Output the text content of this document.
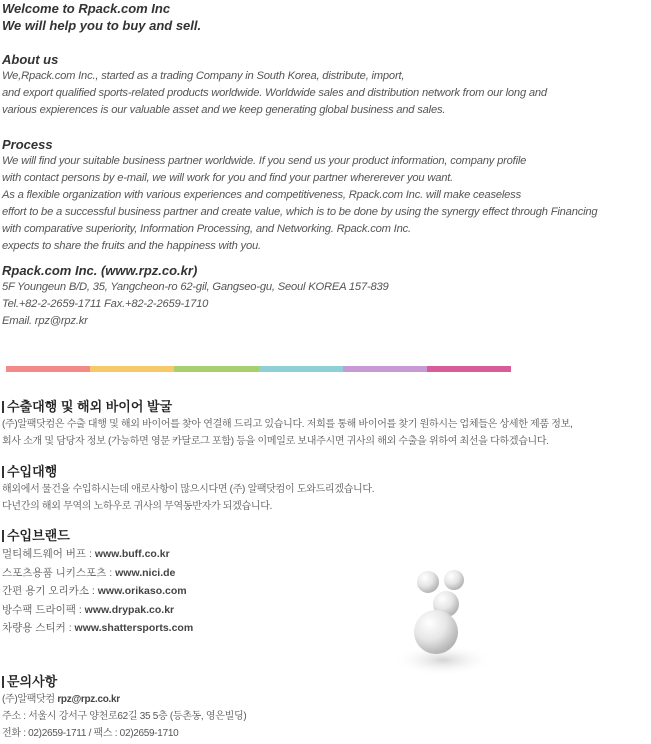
Welcome to Rpack.com Inc

We will help you to buy and sell.

About us

We,Rpack.com Inc., started as a trading Company in South Korea, distribute, import,

and export qualified sports-related products worldwide. Worldwide sales and distribution network from our long and

various expierences is our valuable asset and we keep generating global business and sales.

Process

We will find your suitable business partner worldwide. If you send us your product information, company profile

with contact persons by e-mail, we will work for you and find your partner whererever you want.

As a flexible organization with various experiences and competitiveness, Rpack.com Inc. will make ceaseless

effort to be a successful business partner and create value, which is to be done by using the synergy effect through Financing

with comparative superiority, Information Processing, and Networking. Rpack.com Inc.

expects to share the fruits and the happiness with you.

Rpack.com Inc. (www.rpz.co.kr)

5F Youngeun B/D, 35, Yangcheon-ro 62-gil, Gangseo-gu, Seoul KOREA 157-839

Tel.+82-2-2659-1711 Fax.+82-2-2659-1710

Email. rpz@rpz.kr

수출대행 및 해외 바이어 발굴

(주)알팩닷컴은 수출 대행 및 해외 바이어를 찾아 연결해 드리고 있습니다. 저희를 통해 바이어를 찾기 원하시는 업체들은 상세한 제품 정보,

회사 소개 및 담당자 정보 (가능하면 영문 카달로그 포함) 등을 이메일로 보내주시면 귀사의 해외 수출을 위하여 최선을 다하겠습니다.

수입대행

해외에서 물건을 수입하시는데 애로사항이 많으시다면 (주) 알팩닷컴이 도와드리겠습니다.

다년간의 해외 무역의 노하우로 귀사의 무역동반자가 되겠습니다.

수입브랜드

멀티헤드웨어 버프 : www.buff.co.kr

스포츠용품 니키스포츠 : www.nici.de

간편 용기 오리카소 : www.orikaso.com

방수팩 드라이팩 : www.drypak.co.kr

차량용 스티커 : www.shattersports.com

문의사항

(주)알팩닷컴 rpz@rpz.co.kr

주소 : 서울시 강서구 양천로62길 35 5층 (등촌동, 영은빌딩)

전화 : 02)2659-1711 / 팩스 : 02)2659-1710
